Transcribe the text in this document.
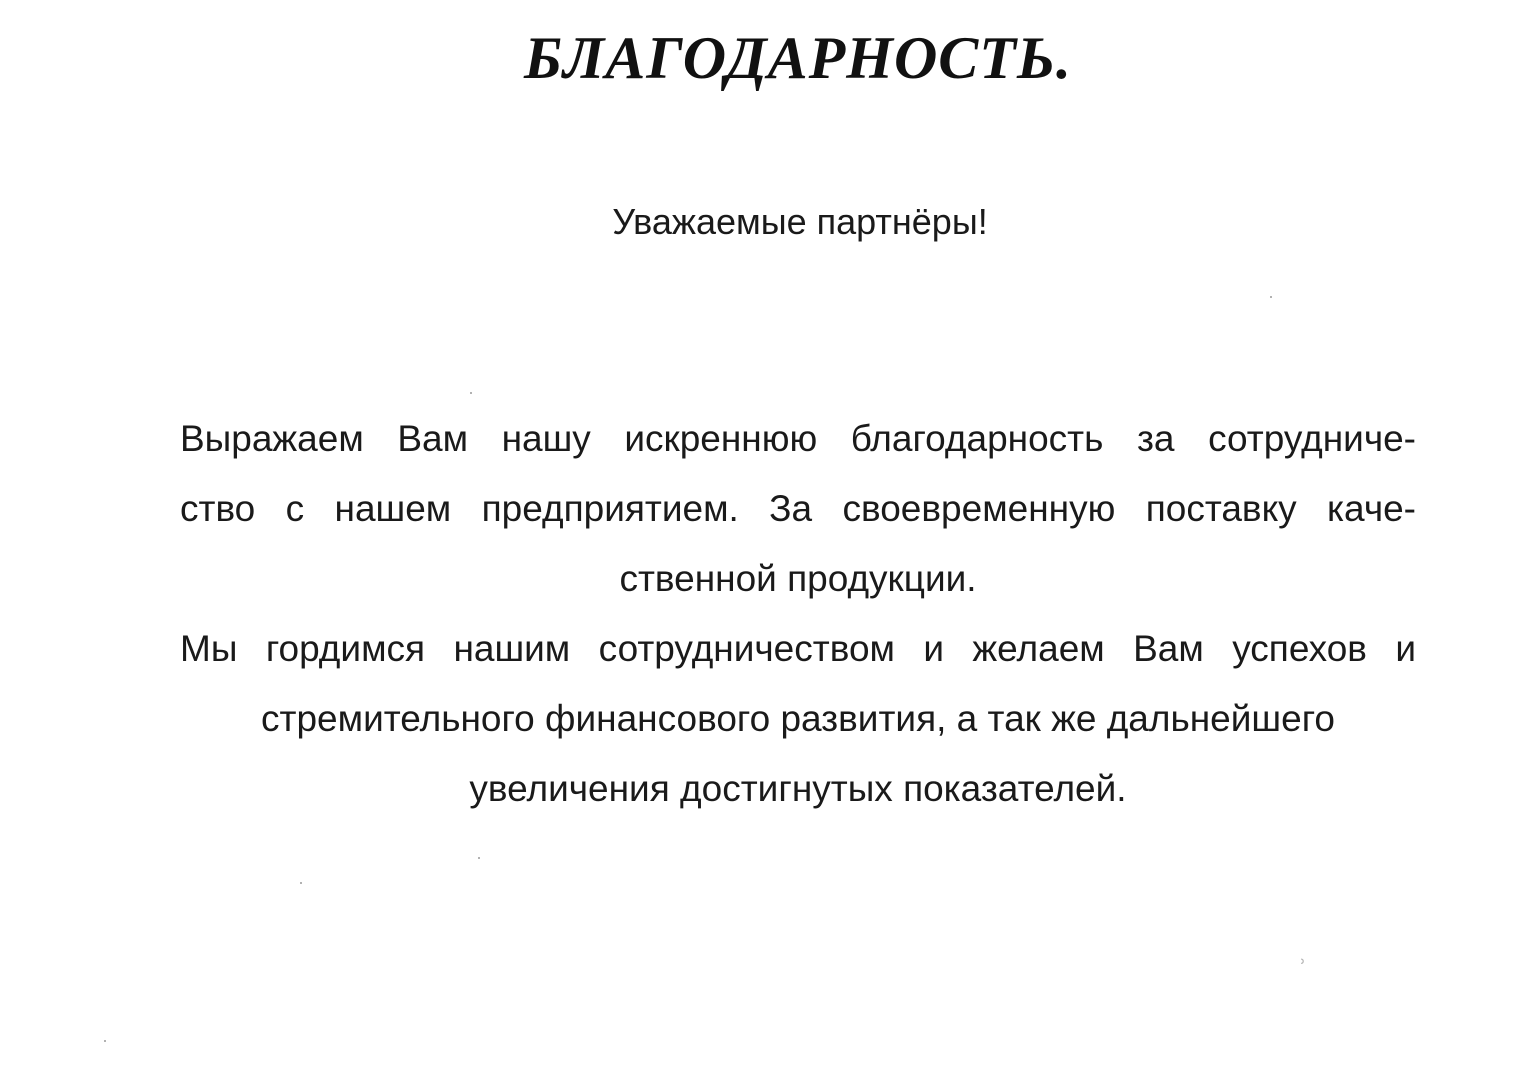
БЛАГОДАРНОСТЬ.

Уважаемые партнёры!

Выражаем Вам нашу искреннюю благодарность за сотрудниче-
ство с нашем предприятием. За своевременную поставку каче-
ственной продукции.
Мы гордимся нашим сотрудничеством и желаем Вам успехов и
стремительного финансового развития, а так же дальнейшего
увеличения достигнутых показателей.
ʾ
